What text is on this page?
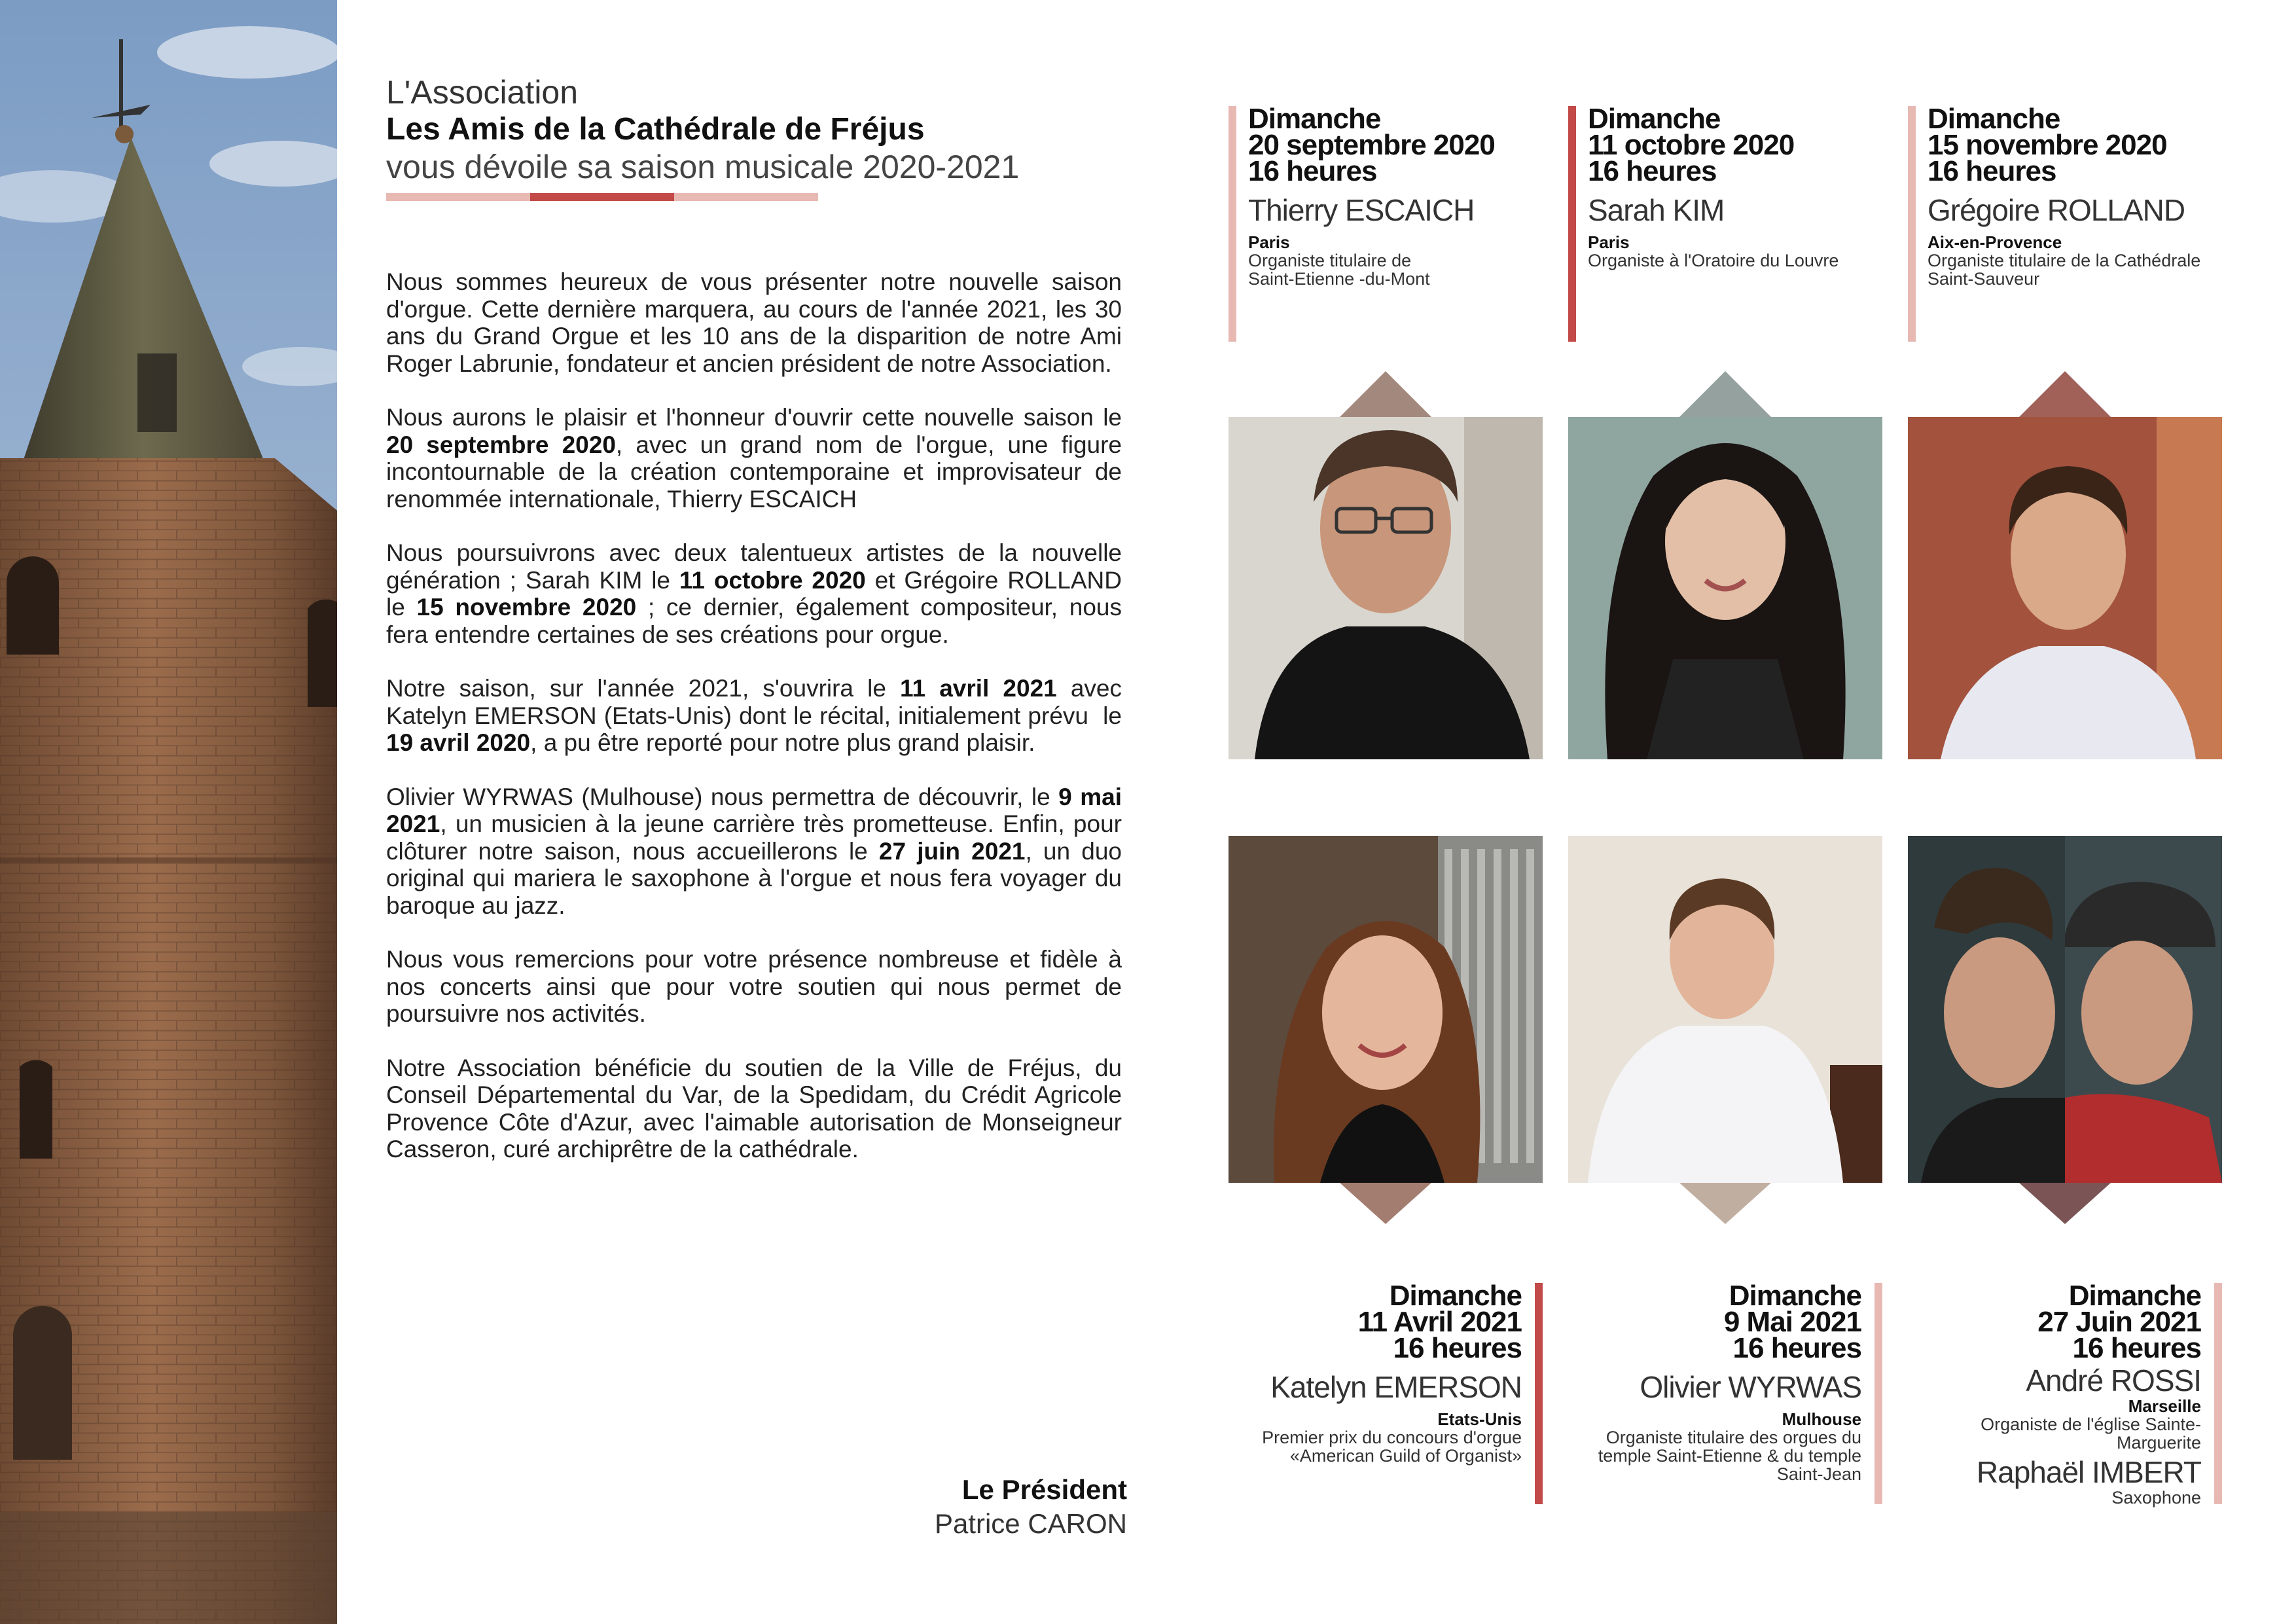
L'Association
Les Amis de la Cathédrale de Fréjus
vous dévoile sa saison musicale 2020-2021

Nous sommes heureux de vous présenter notre nouvelle saison d'orgue. Cette dernière marquera, au cours de l'année 2021, les 30 ans du Grand Orgue et les 10 ans de la disparition de notre Ami Roger Labrunie, fondateur et ancien président de notre Association.

Nous aurons le plaisir et l'honneur d'ouvrir cette nouvelle saison le 20 septembre 2020, avec un grand nom de l'orgue, une figure incontournable de la création contemporaine et improvisateur de renommée internationale, Thierry ESCAICH

Nous poursuivrons avec deux talentueux artistes de la nouvelle génération ; Sarah KIM le 11 octobre 2020 et Grégoire ROLLAND le 15 novembre 2020 ; ce dernier, également compositeur, nous fera entendre certaines de ses créations pour orgue.

Notre saison, sur l'année 2021, s'ouvrira le 11 avril 2021 avec Katelyn EMERSON (Etats-Unis) dont le récital, initialement prévu  le 19 avril 2020, a pu être reporté pour notre plus grand plaisir.

Olivier WYRWAS (Mulhouse) nous permettra de découvrir, le 9 mai 2021, un musicien à la jeune carrière très prometteuse. Enfin, pour clôturer notre saison, nous accueillerons le 27 juin 2021, un duo original qui mariera le saxophone à l'orgue et nous fera voyager du baroque au jazz.

Nous vous remercions pour votre présence nombreuse et fidèle à nos concerts ainsi que pour votre soutien qui nous permet de poursuivre nos activités.

Notre Association bénéficie du soutien de la Ville de Fréjus, du Conseil Départemental du Var, de la Spedidam, du Crédit Agricole Provence Côte d'Azur, avec l'aimable autorisation de Monseigneur Casseron, curé archiprêtre de la cathédrale.

Le Président
Patrice CARON
Dimanche
20 septembre 2020
16 heures
Thierry ESCAICH
Paris
Organiste titulaire de Saint-Etienne -du-Mont
Dimanche
11 octobre 2020
16 heures
Sarah KIM
Paris
Organiste à l'Oratoire du Louvre
Dimanche
15 novembre 2020
16 heures
Grégoire ROLLAND
Aix-en-Provence
Organiste titulaire de la Cathédrale Saint-Sauveur
Dimanche
11 Avril 2021
16 heures
Katelyn EMERSON
Etats-Unis
Premier prix du concours d'orgue «American Guild of Organist»
Dimanche
9 Mai 2021
16 heures
Olivier WYRWAS
Mulhouse
Organiste titulaire des orgues du temple Saint-Etienne & du temple Saint-Jean
Dimanche
27 Juin 2021
16 heures
André ROSSI
Marseille
Organiste de l'église Sainte-Marguerite
Raphaël IMBERT
Saxophone
